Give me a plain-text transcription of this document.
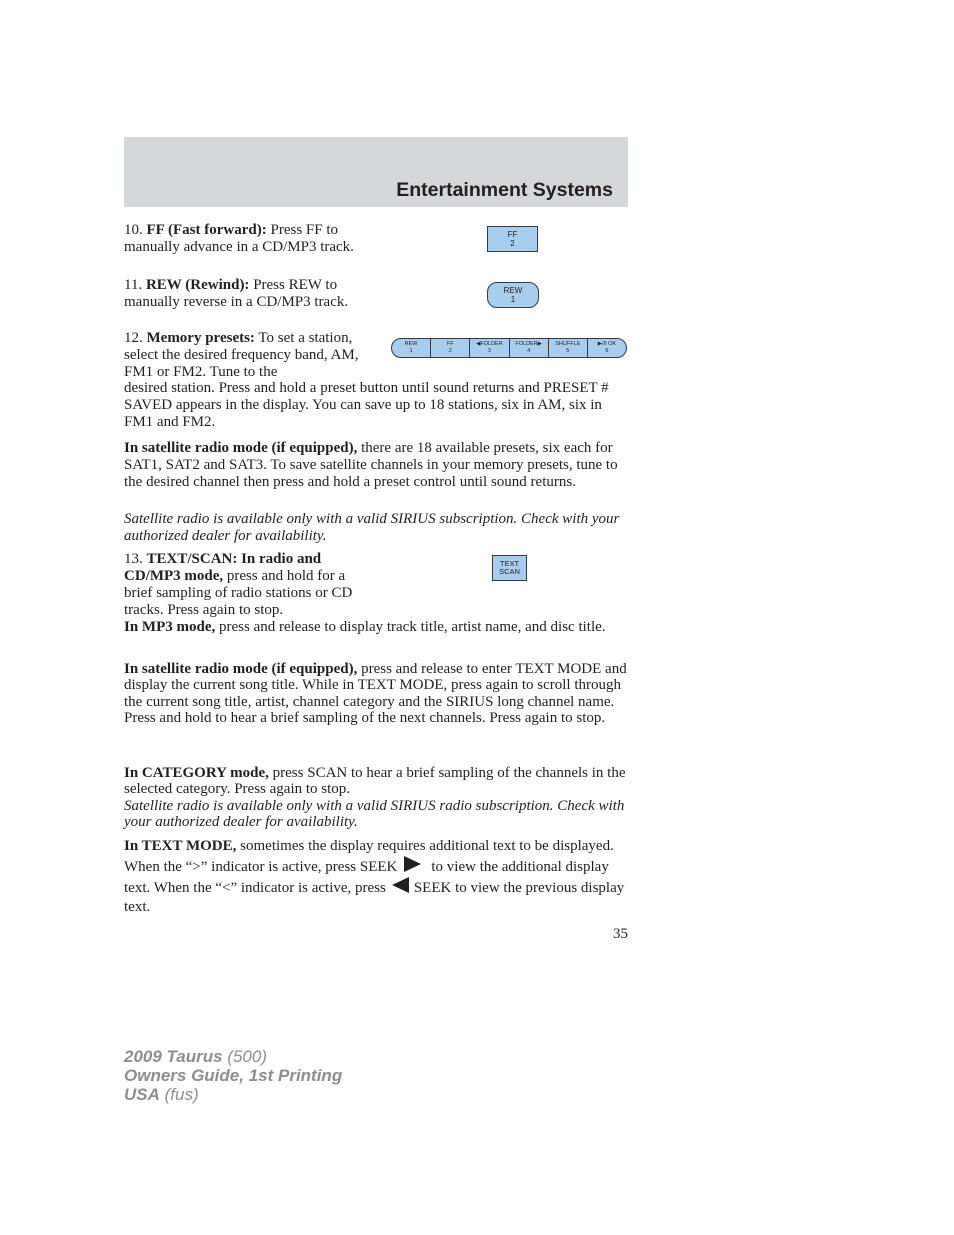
Entertainment Systems

10. FF (Fast forward): Press FF to manually advance in a CD/MP3 track.

FF
2

11. REW (Rewind): Press REW to manually reverse in a CD/MP3 track.

REW
1

12. Memory presets: To set a station, select the desired frequency band, AM, FM1 or FM2. Tune to the

desired station. Press and hold a preset button until sound returns and PRESET # SAVED appears in the display. You can save up to 18 stations, six in AM, six in FM1 and FM2.

REW
1
FF
2
◀FOLDER
3
FOLDER▶
4
SHUFFLE
5
▶/II OK
6

In satellite radio mode (if equipped), there are 18 available presets, six each for SAT1, SAT2 and SAT3. To save satellite channels in your memory presets, tune to the desired channel then press and hold a preset control until sound returns.

Satellite radio is available only with a valid SIRIUS subscription. Check with your authorized dealer for availability.

13. TEXT/SCAN: In radio and CD/MP3 mode, press and hold for a brief sampling of radio stations or CD tracks. Press again to stop.

TEXT
SCAN

In MP3 mode, press and release to display track title, artist name, and disc title.

In satellite radio mode (if equipped), press and release to enter TEXT MODE and display the current song title. While in TEXT MODE, press again to scroll through the current song title, artist, channel category and the SIRIUS long channel name.
Press and hold to hear a brief sampling of the next channels. Press again to stop.

In CATEGORY mode, press SCAN to hear a brief sampling of the channels in the selected category. Press again to stop.
Satellite radio is available only with a valid SIRIUS radio subscription. Check with your authorized dealer for availability.

In TEXT MODE, sometimes the display requires additional text to be displayed. When the “>” indicator is active, press SEEK to view the additional display text. When the “<” indicator is active, press SEEK to view the previous display text.

35
2009 Taurus (500)
Owners Guide, 1st Printing
USA (fus)
